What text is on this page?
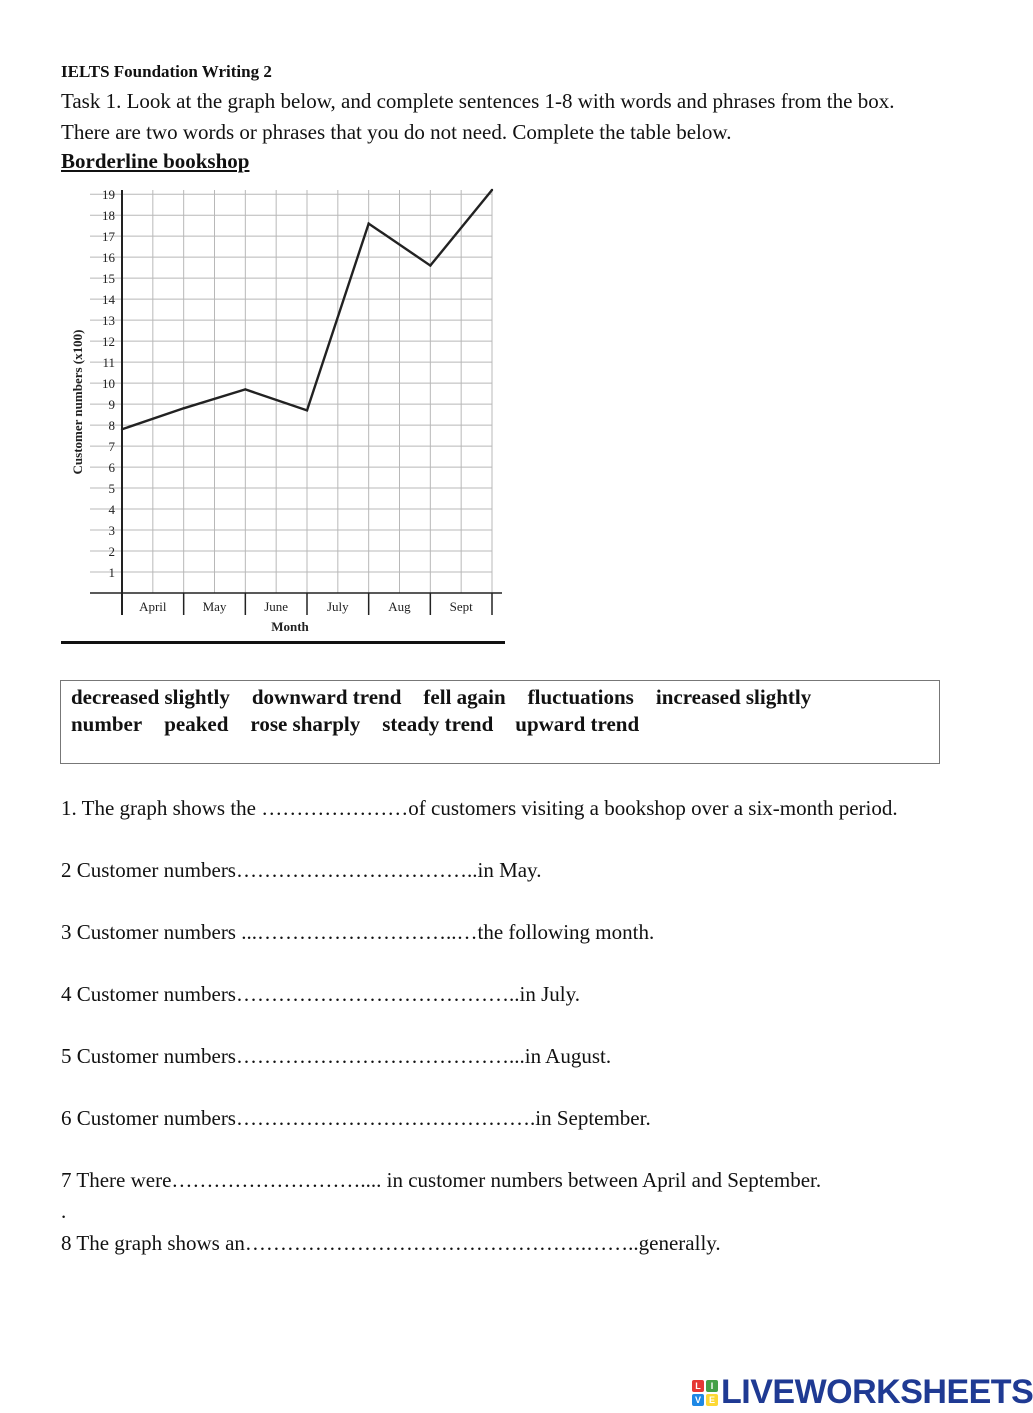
IELTS Foundation Writing 2
Task 1. Look at the graph below, and complete sentences 1-8 with words and phrases from the box. There are two words or phrases that you do not need. Complete the table below.
Borderline bookshop
1
2
3
4
5
6
7
8
9
10
11
12
13
14
15
16
17
18
19
April	May	June	July	Aug	Sept
Month
Customer numbers (x100)
decreased slightly downward trend fell again fluctuations increased slightly
number peaked rose sharply steady trend upward trend
1. The graph shows the …………………of customers visiting a bookshop over a six-month period.
2 Customer numbers……………………………..in May.
3 Customer numbers ...………………………..…the following month.
4 Customer numbers…………………………………..in July.
5 Customer numbers…………………………………...in August.
6 Customer numbers…………………………………….in September.
7 There were……………………….... in customer numbers between April and September.
.
8 The graph shows an………………………………………….……..generally.
L	I
V E LIVEWORKSHEETS
